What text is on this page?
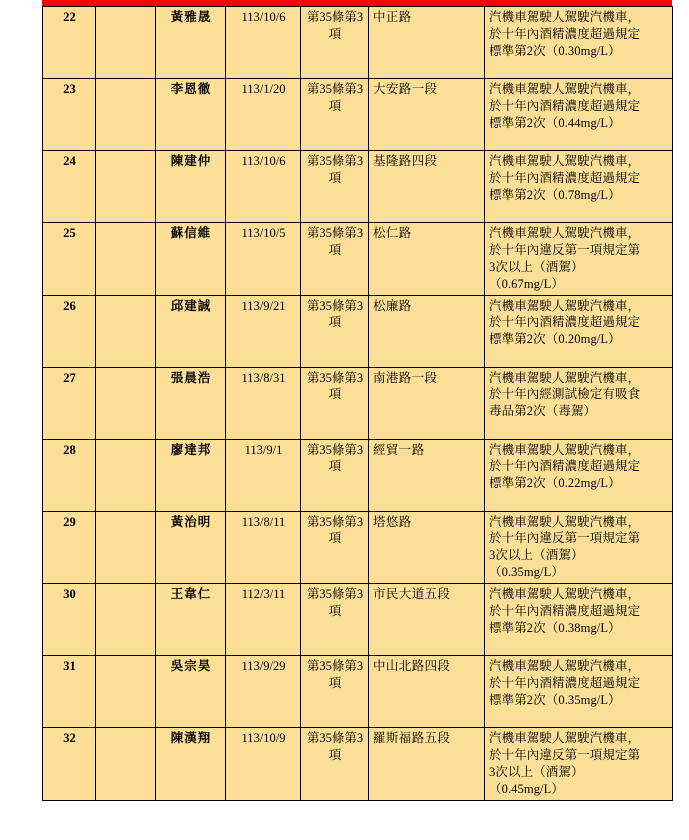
22		黃雅晟	113/10/6	第35條第3項	中正路	汽機車駕駛人駕駛汽機車，
於十年內酒精濃度超過規定
標準第2次（0.30mg/L）

23		李恩徹	113/1/20	第35條第3項	大安路一段	汽機車駕駛人駕駛汽機車，
於十年內酒精濃度超過規定
標準第2次（0.44mg/L）

24		陳建仲	113/10/6	第35條第3項	基隆路四段	汽機車駕駛人駕駛汽機車，
於十年內酒精濃度超過規定
標準第2次（0.78mg/L）

25		蘇信維	113/10/5	第35條第3項	松仁路	汽機車駕駛人駕駛汽機車，
於十年內違反第一項規定第
3次以上（酒駕）
（0.67mg/L）

26		邱建誠	113/9/21	第35條第3項	松廉路	汽機車駕駛人駕駛汽機車，
於十年內酒精濃度超過規定
標準第2次（0.20mg/L）

27		張晨浩	113/8/31	第35條第3項	南港路一段	汽機車駕駛人駕駛汽機車，
於十年內經測試檢定有吸食
毒品第2次（毒駕）

28		廖達邦	113/9/1	第35條第3項	經貿一路	汽機車駕駛人駕駛汽機車，
於十年內酒精濃度超過規定
標準第2次（0.22mg/L）

29		黃治明	113/8/11	第35條第3項	塔悠路	汽機車駕駛人駕駛汽機車，
於十年內違反第一項規定第
3次以上（酒駕）
（0.35mg/L）

30		王韋仁	112/3/11	第35條第3項	市民大道五段	汽機車駕駛人駕駛汽機車，
於十年內酒精濃度超過規定
標準第2次（0.38mg/L）

31		吳宗昊	113/9/29	第35條第3項	中山北路四段	汽機車駕駛人駕駛汽機車，
於十年內酒精濃度超過規定
標準第2次（0.35mg/L）

32		陳漢翔	113/10/9	第35條第3項	羅斯福路五段	汽機車駕駛人駕駛汽機車，
於十年內違反第一項規定第
3次以上（酒駕）
（0.45mg/L）
